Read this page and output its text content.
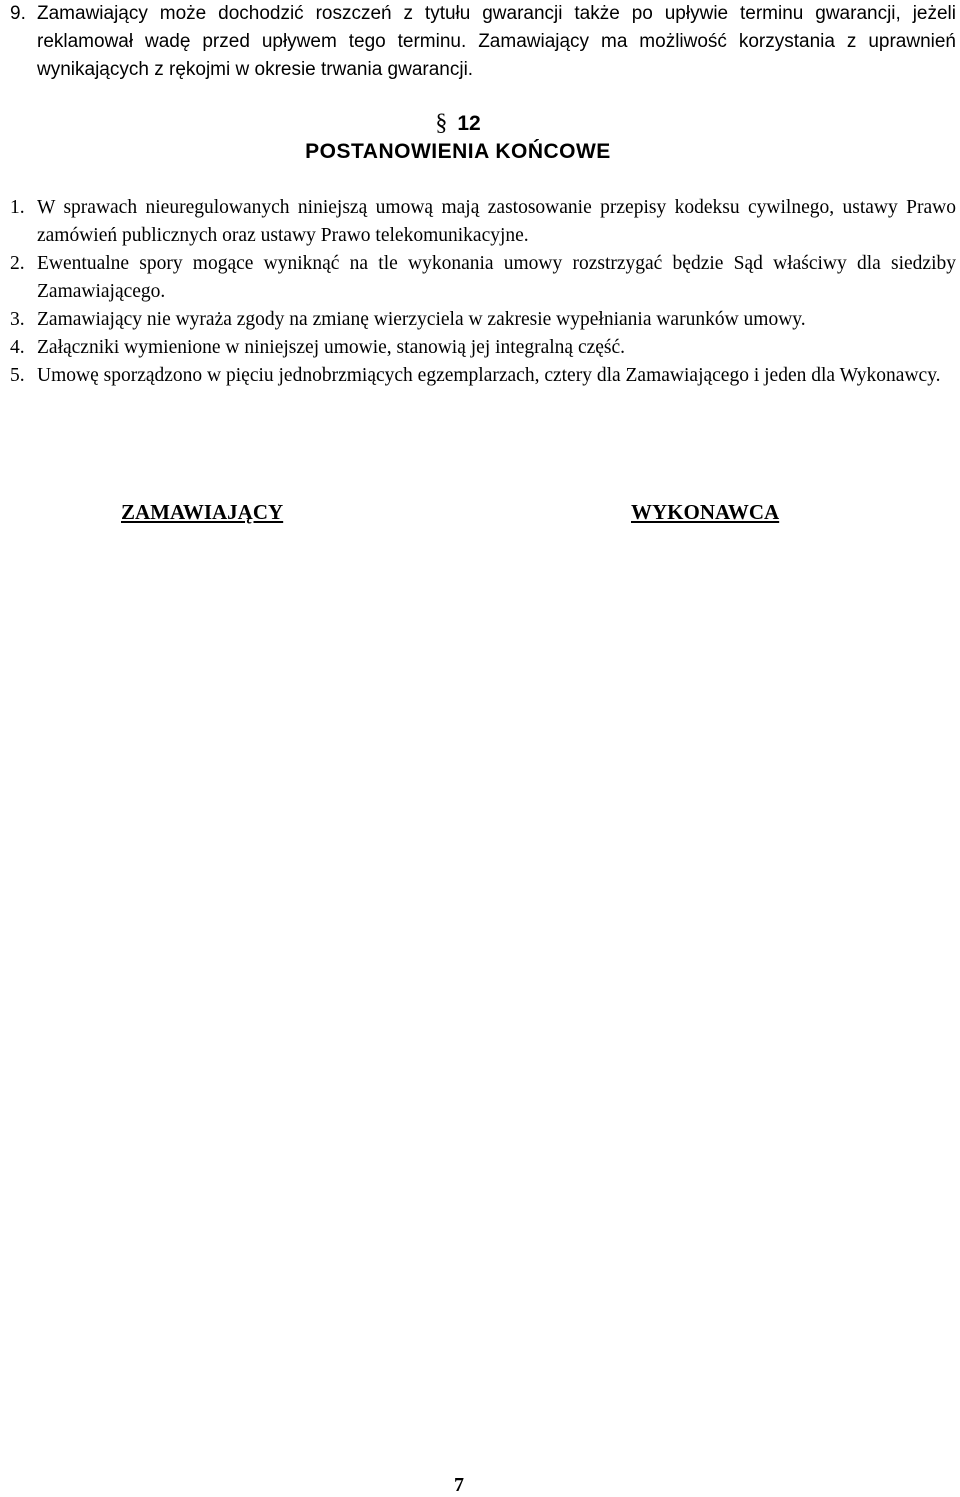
9. Zamawiający może dochodzić roszczeń z tytułu gwarancji także po upływie terminu gwarancji, jeżeli reklamował wadę przed upływem tego terminu. Zamawiający ma możliwość korzystania z uprawnień wynikających z rękojmi w okresie trwania gwarancji.
§ 12
POSTANOWIENIA KOŃCOWE
1. W sprawach nieuregulowanych niniejszą umową mają zastosowanie przepisy kodeksu cywilnego, ustawy Prawo zamówień publicznych oraz ustawy Prawo telekomunikacyjne.
2. Ewentualne spory mogące wyniknąć na tle wykonania umowy rozstrzygać będzie Sąd właściwy dla siedziby Zamawiającego.
3. Zamawiający nie wyraża zgody na zmianę wierzyciela w zakresie wypełniania warunków umowy.
4. Załączniki wymienione w niniejszej umowie, stanowią jej integralną część.
5. Umowę sporządzono w pięciu jednobrzmiących egzemplarzach, cztery dla Zamawiającego i jeden dla Wykonawcy.
ZAMAWIAJĄCY	WYKONAWCA
7
